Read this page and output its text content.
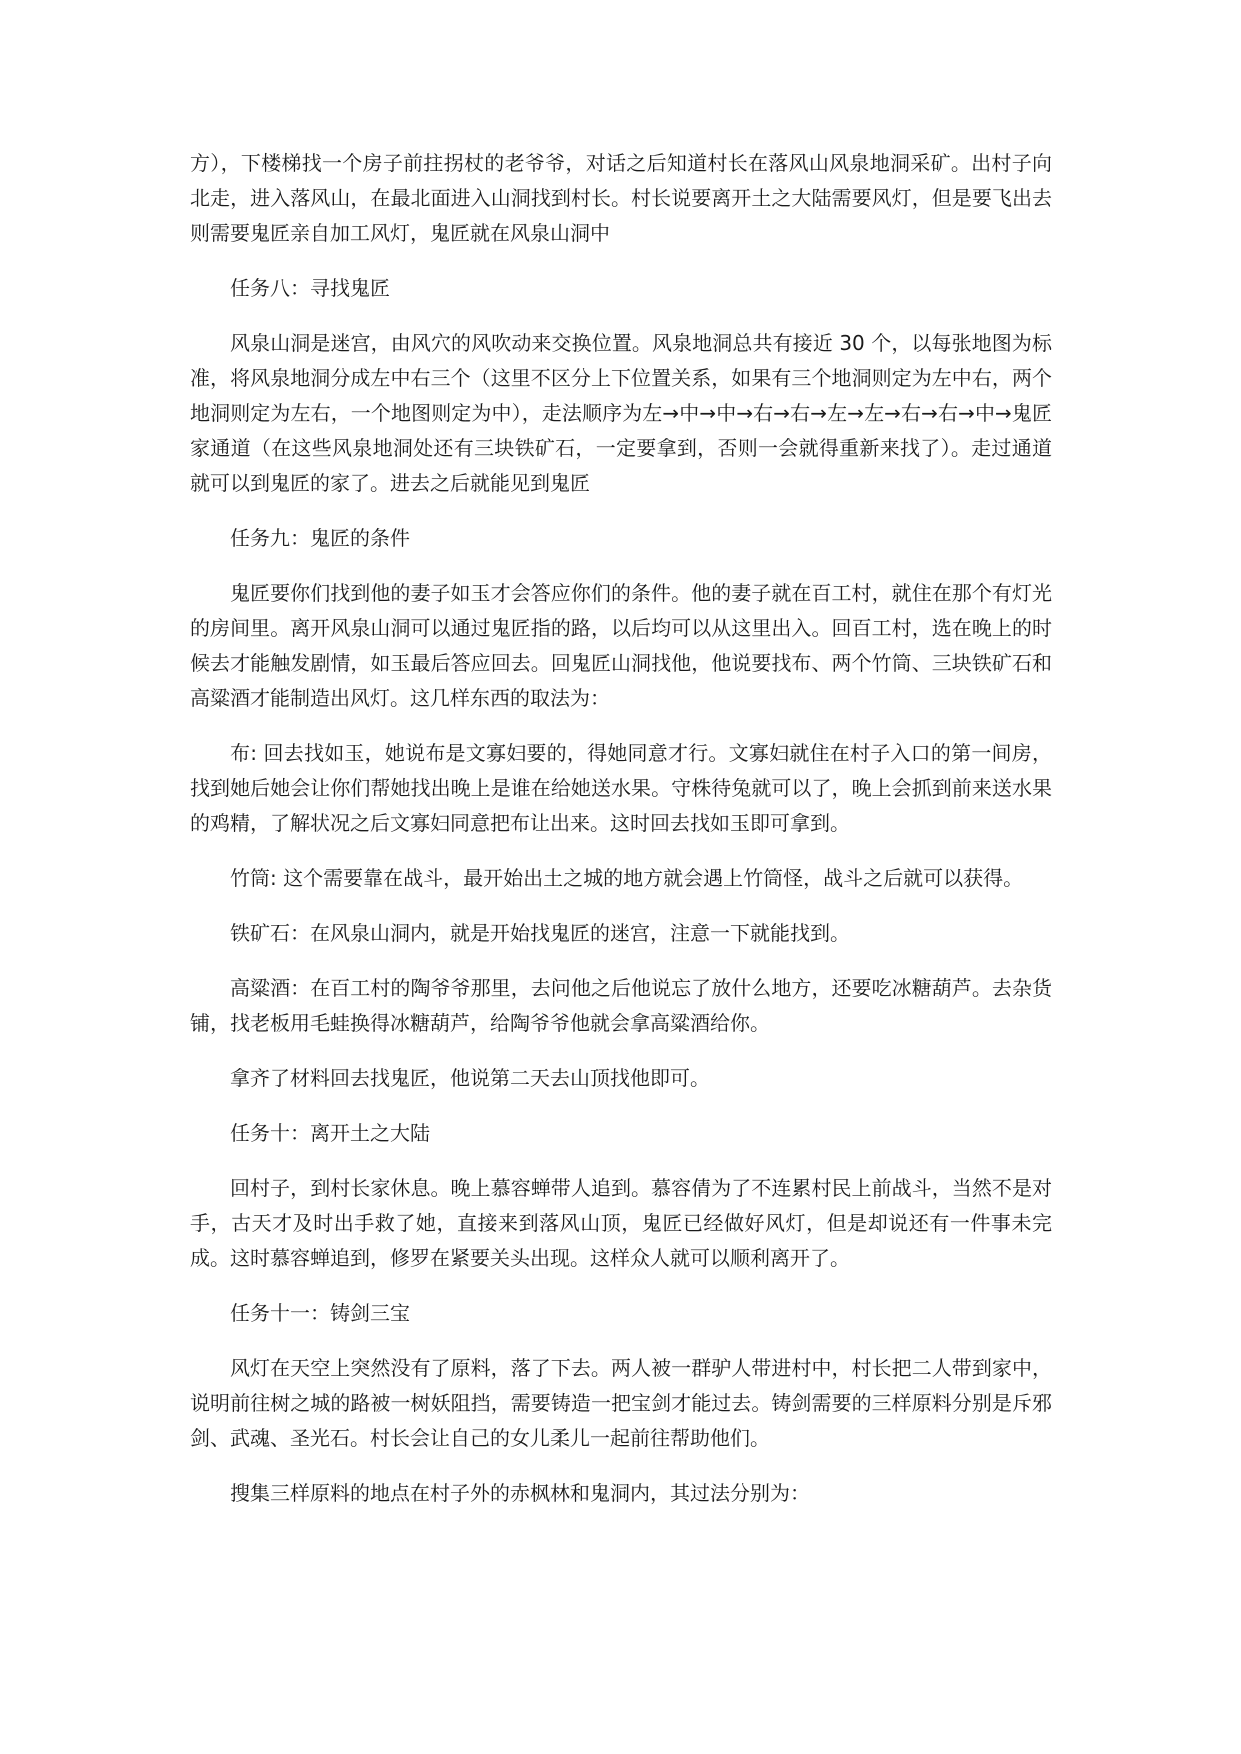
方），下楼梯找一个房子前拄拐杖的老爷爷，对话之后知道村长在落风山风泉地洞采矿。出村子向北走，进入落风山，在最北面进入山洞找到村长。村长说要离开土之大陆需要风灯，但是要飞出去则需要鬼匠亲自加工风灯，鬼匠就在风泉山洞中

任务八：寻找鬼匠

风泉山洞是迷宫，由风穴的风吹动来交换位置。风泉地洞总共有接近 30 个，以每张地图为标准，将风泉地洞分成左中右三个（这里不区分上下位置关系，如果有三个地洞则定为左中右，两个地洞则定为左右，一个地图则定为中），走法顺序为左→中→中→右→右→左→左→右→右→中→鬼匠家通道（在这些风泉地洞处还有三块铁矿石，一定要拿到，否则一会就得重新来找了）。走过通道就可以到鬼匠的家了。进去之后就能见到鬼匠

任务九：鬼匠的条件

鬼匠要你们找到他的妻子如玉才会答应你们的条件。他的妻子就在百工村，就住在那个有灯光的房间里。离开风泉山洞可以通过鬼匠指的路，以后均可以从这里出入。回百工村，选在晚上的时候去才能触发剧情，如玉最后答应回去。回鬼匠山洞找他，他说要找布、两个竹筒、三块铁矿石和高粱酒才能制造出风灯。这几样东西的取法为：

布: 回去找如玉，她说布是文寡妇要的，得她同意才行。文寡妇就住在村子入口的第一间房，找到她后她会让你们帮她找出晚上是谁在给她送水果。守株待兔就可以了，晚上会抓到前来送水果的鸡精，了解状况之后文寡妇同意把布让出来。这时回去找如玉即可拿到。

竹筒: 这个需要靠在战斗，最开始出土之城的地方就会遇上竹筒怪，战斗之后就可以获得。

铁矿石：在风泉山洞内，就是开始找鬼匠的迷宫，注意一下就能找到。

高粱酒：在百工村的陶爷爷那里，去问他之后他说忘了放什么地方，还要吃冰糖葫芦。去杂货铺，找老板用毛蛙换得冰糖葫芦，给陶爷爷他就会拿高粱酒给你。

拿齐了材料回去找鬼匠，他说第二天去山顶找他即可。

任务十：离开土之大陆

回村子，到村长家休息。晚上慕容蝉带人追到。慕容倩为了不连累村民上前战斗，当然不是对手，古天才及时出手救了她，直接来到落风山顶，鬼匠已经做好风灯，但是却说还有一件事未完成。这时慕容蝉追到，修罗在紧要关头出现。这样众人就可以顺利离开了。

任务十一：铸剑三宝

风灯在天空上突然没有了原料，落了下去。两人被一群驴人带进村中，村长把二人带到家中，说明前往树之城的路被一树妖阻挡，需要铸造一把宝剑才能过去。铸剑需要的三样原料分别是斥邪剑、武魂、圣光石。村长会让自己的女儿柔儿一起前往帮助他们。

搜集三样原料的地点在村子外的赤枫林和鬼洞内，其过法分别为：
